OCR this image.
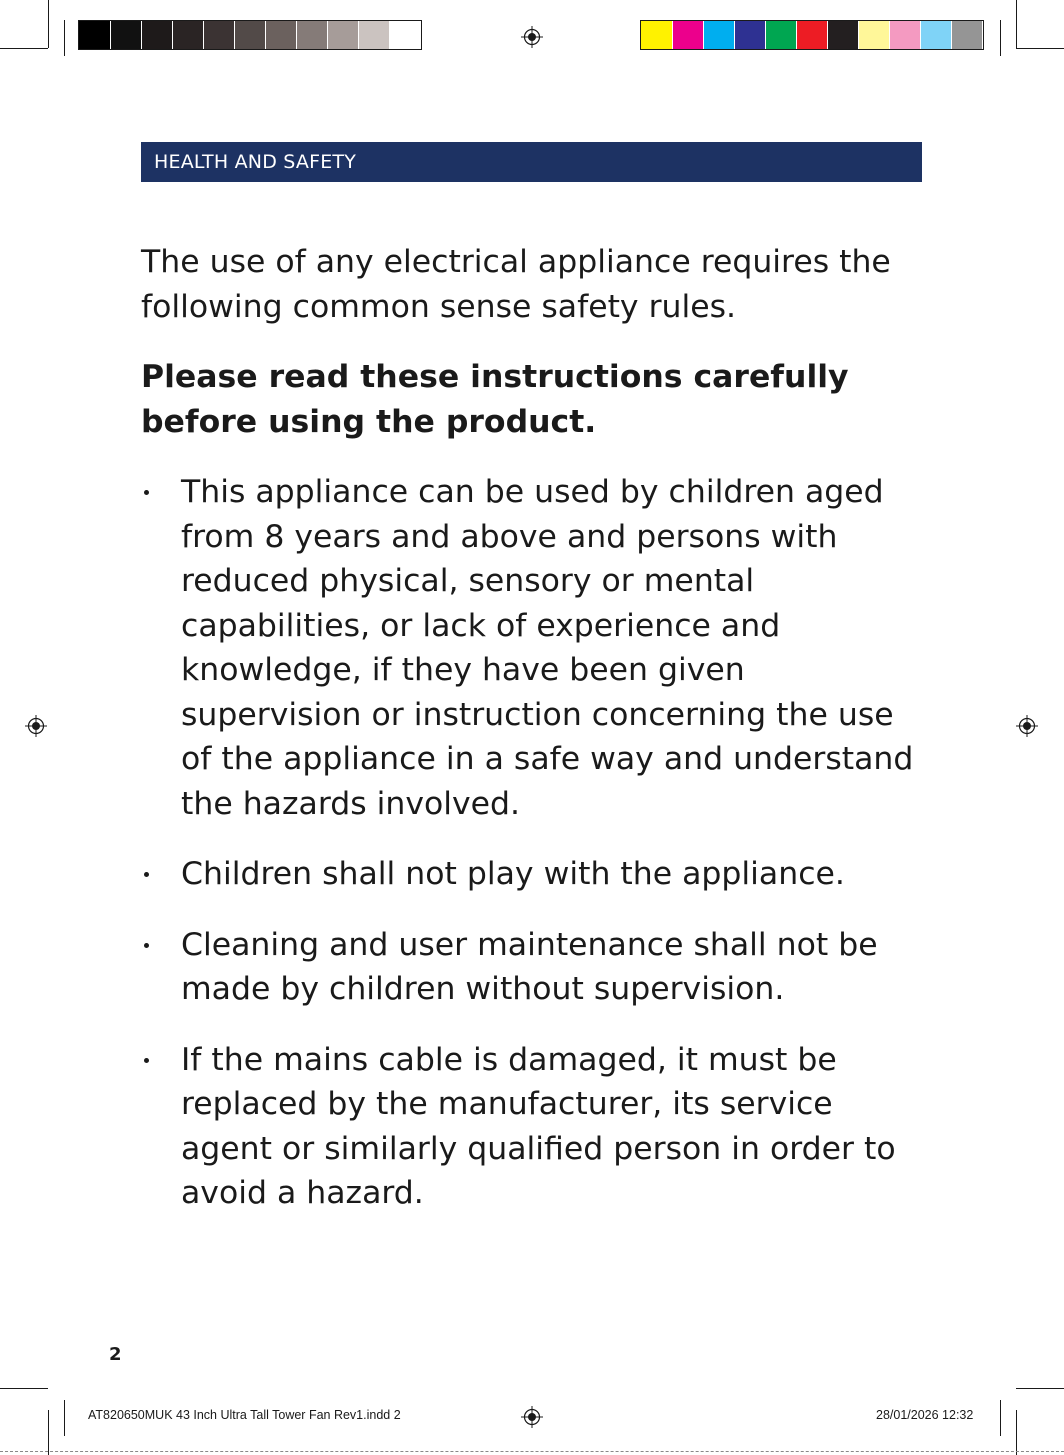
HEALTH AND SAFETY

The use of any electrical appliance requires the following common sense safety rules.

Please read these instructions carefully before using the product.

This appliance can be used by children aged from 8 years and above and persons with reduced physical, sensory or mental capabilities, or lack of experience and knowledge, if they have been given supervision or instruction concerning the use of the appliance in a safe way and understand the hazards involved.
Children shall not play with the appliance.
Cleaning and user maintenance shall not be made by children without supervision.
If the mains cable is damaged, it must be replaced by the manufacturer, its service agent or similarly qualified person in order to avoid a hazard.
2
AT820650MUK 43 Inch Ultra Tall Tower Fan Rev1.indd 2	28/01/2026 12:32
